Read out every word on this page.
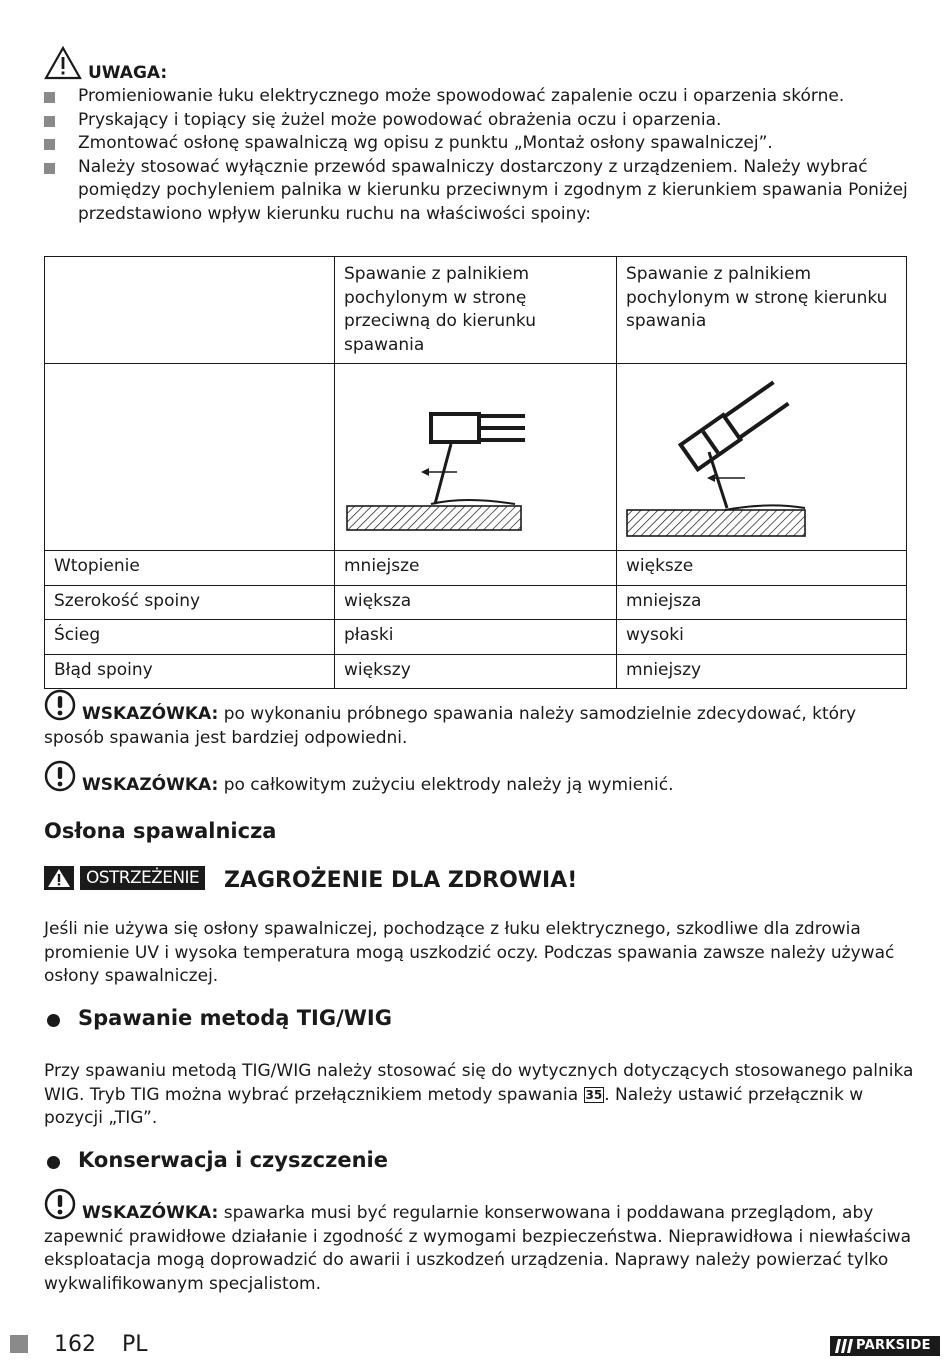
UWAGA:
Promieniowanie łuku elektrycznego może spowodować zapalenie oczu i oparzenia skórne.
Pryskający i topiący się żużel może powodować obrażenia oczu i oparzenia.
Zmontować osłonę spawalniczą wg opisu z punktu „Montaż osłony spawalniczej”.
Należy stosować wyłącznie przewód spawalniczy dostarczony z urządzeniem. Należy wybrać pomiędzy pochyleniem palnika w kierunku przeciwnym i zgodnym z kierunkiem spawania Poniżej przedstawiono wpływ kierunku ruchu na właściwości spoiny:
	Spawanie z palnikiem pochylonym w stronę przeciwną do kierunku spawania	Spawanie z palnikiem pochylonym w stronę kierunku spawania

Wtopienie	mniejsze	większe
Szerokość spoiny	większa	mniejsza
Ścieg	płaski	wysoki
Błąd spoiny	większy	mniejszy

WSKAZÓWKA: po wykonaniu próbnego spawania należy samodzielnie zdecydować, który sposób spawania jest bardziej odpowiedni.

WSKAZÓWKA: po całkowitym zużyciu elektrody należy ją wymienić.

Osłona spawalnicza
OSTRZEŻENIE ZAGROŻENIE DLA ZDROWIA!

Jeśli nie używa się osłony spawalniczej, pochodzące z łuku elektrycznego, szkodliwe dla zdrowia promienie UV i wysoka temperatura mogą uszkodzić oczy. Podczas spawania zawsze należy używać osłony spawalniczej.

Spawanie metodą TIG/WIG

Przy spawaniu metodą TIG/WIG należy stosować się do wytycznych dotyczących stosowanego palnika WIG. Tryb TIG można wybrać przełącznikiem metody spawania 35 . Należy ustawić przełącznik w pozycji „TIG”.

Konserwacja i czyszczenie

WSKAZÓWKA: spawarka musi być regularnie konserwowana i poddawana przeglądom, aby zapewnić prawidłowe działanie i zgodność z wymogami bezpieczeństwa. Nieprawidłowa i niewłaściwa eksploatacja mogą doprowadzić do awarii i uszkodzeń urządzenia. Naprawy należy powierzać tylko wykwalifikowanym specjalistom.

162 PL	PARKSIDE
